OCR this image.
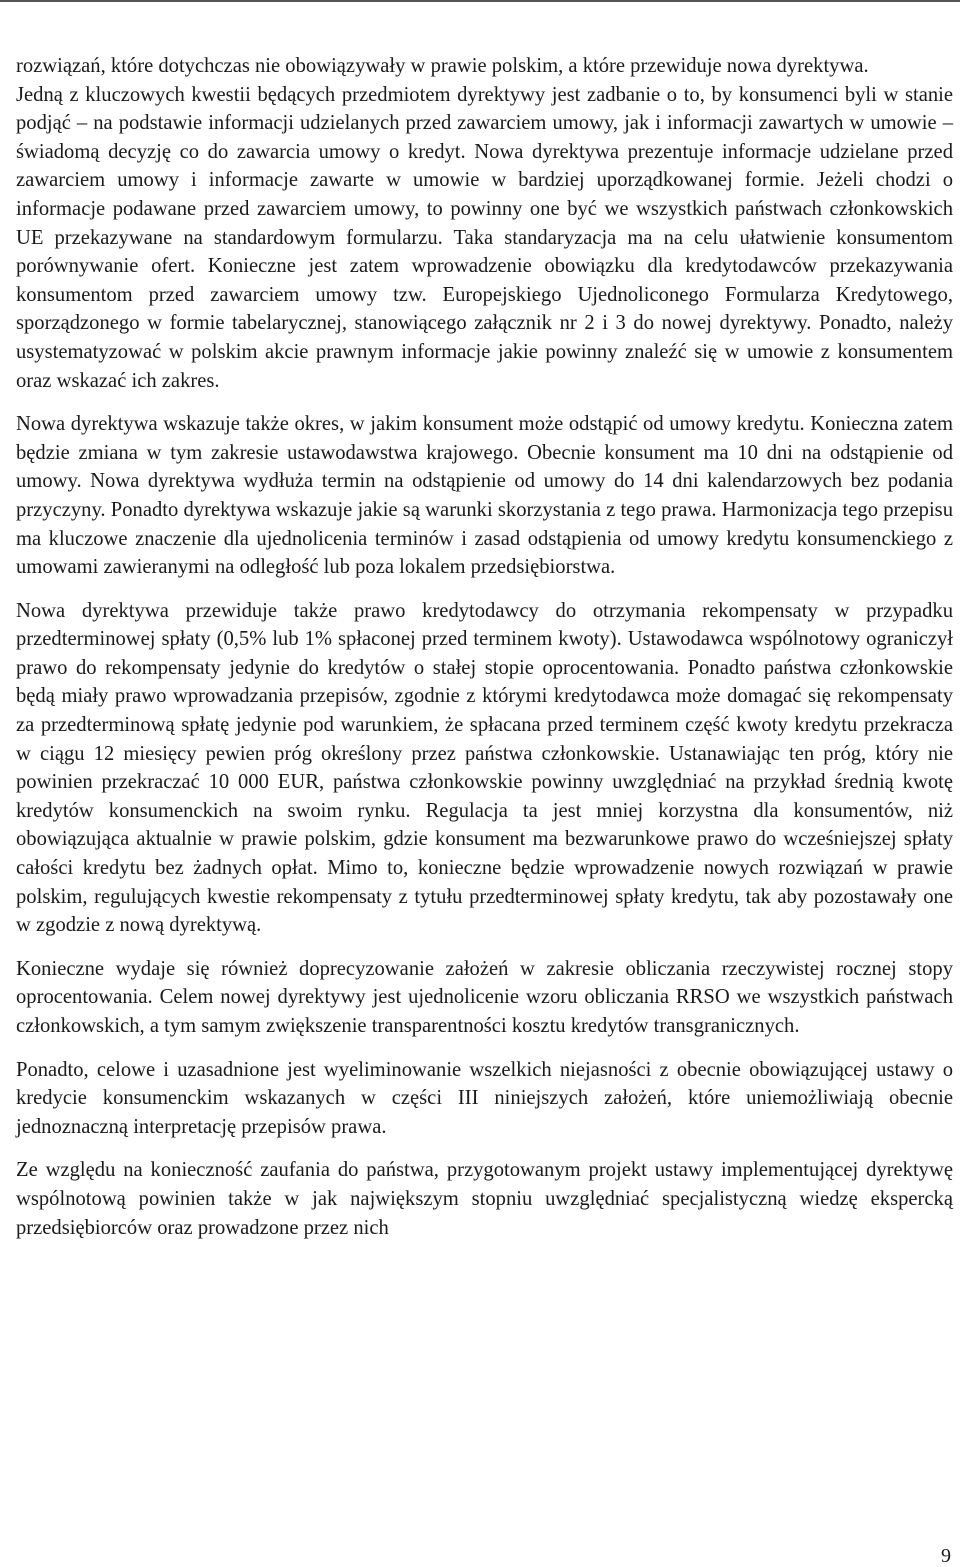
rozwiązań, które dotychczas nie obowiązywały w prawie polskim, a które przewiduje nowa dyrektywa.

Jedną z kluczowych kwestii będących przedmiotem dyrektywy jest zadbanie o to, by konsumenci byli w stanie podjąć – na podstawie informacji udzielanych przed zawarciem umowy, jak i informacji zawartych w umowie – świadomą decyzję co do zawarcia umowy o kredyt. Nowa dyrektywa prezentuje informacje udzielane przed zawarciem umowy i informacje zawarte w umowie w bardziej uporządkowanej formie. Jeżeli chodzi o informacje podawane przed zawarciem umowy, to powinny one być we wszystkich państwach członkowskich UE przekazywane na standardowym formularzu. Taka standaryzacja ma na celu ułatwienie konsumentom porównywanie ofert. Konieczne jest zatem wprowadzenie obowiązku dla kredytodawców przekazywania konsumentom przed zawarciem umowy tzw. Europejskiego Ujednoliconego Formularza Kredytowego, sporządzonego w formie tabelarycznej, stanowiącego załącznik nr 2 i 3 do nowej dyrektywy. Ponadto, należy usystematyzować w polskim akcie prawnym informacje jakie powinny znaleźć się w umowie z konsumentem oraz wskazać ich zakres.

Nowa dyrektywa wskazuje także okres, w jakim konsument może odstąpić od umowy kredytu. Konieczna zatem będzie zmiana w tym zakresie ustawodawstwa krajowego. Obecnie konsument ma 10 dni na odstąpienie od umowy. Nowa dyrektywa wydłuża termin na odstąpienie od umowy do 14 dni kalendarzowych bez podania przyczyny. Ponadto dyrektywa wskazuje jakie są warunki skorzystania z tego prawa. Harmonizacja tego przepisu ma kluczowe znaczenie dla ujednolicenia terminów i zasad odstąpienia od umowy kredytu konsumenckiego z umowami zawieranymi na odległość lub poza lokalem przedsiębiorstwa.

Nowa dyrektywa przewiduje także prawo kredytodawcy do otrzymania rekompensaty w przypadku przedterminowej spłaty (0,5% lub 1% spłaconej przed terminem kwoty). Ustawodawca wspólnotowy ograniczył prawo do rekompensaty jedynie do kredytów o stałej stopie oprocentowania. Ponadto państwa członkowskie będą miały prawo wprowadzania przepisów, zgodnie z którymi kredytodawca może domagać się rekompensaty za przedterminową spłatę jedynie pod warunkiem, że spłacana przed terminem część kwoty kredytu przekracza w ciągu 12 miesięcy pewien próg określony przez państwa członkowskie. Ustanawiając ten próg, który nie powinien przekraczać 10 000 EUR, państwa członkowskie powinny uwzględniać na przykład średnią kwotę kredytów konsumenckich na swoim rynku. Regulacja ta jest mniej korzystna dla konsumentów, niż obowiązująca aktualnie w prawie polskim, gdzie konsument ma bezwarunkowe prawo do wcześniejszej spłaty całości kredytu bez żadnych opłat. Mimo to, konieczne będzie wprowadzenie nowych rozwiązań w prawie polskim, regulujących kwestie rekompensaty z tytułu przedterminowej spłaty kredytu, tak aby pozostawały one w zgodzie z nową dyrektywą.

Konieczne wydaje się również doprecyzowanie założeń w zakresie obliczania rzeczywistej rocznej stopy oprocentowania. Celem nowej dyrektywy jest ujednolicenie wzoru obliczania RRSO we wszystkich państwach członkowskich, a tym samym zwiększenie transparentności kosztu kredytów transgranicznych.

Ponadto, celowe i uzasadnione jest wyeliminowanie wszelkich niejasności z obecnie obowiązującej ustawy o kredycie konsumenckim wskazanych w części III niniejszych założeń, które uniemożliwiają obecnie jednoznaczną interpretację przepisów prawa.

Ze względu na konieczność zaufania do państwa, przygotowanym projekt ustawy implementującej dyrektywę wspólnotową powinien także w jak największym stopniu uwzględniać specjalistyczną wiedzę ekspercką przedsiębiorców oraz prowadzone przez nich

9
